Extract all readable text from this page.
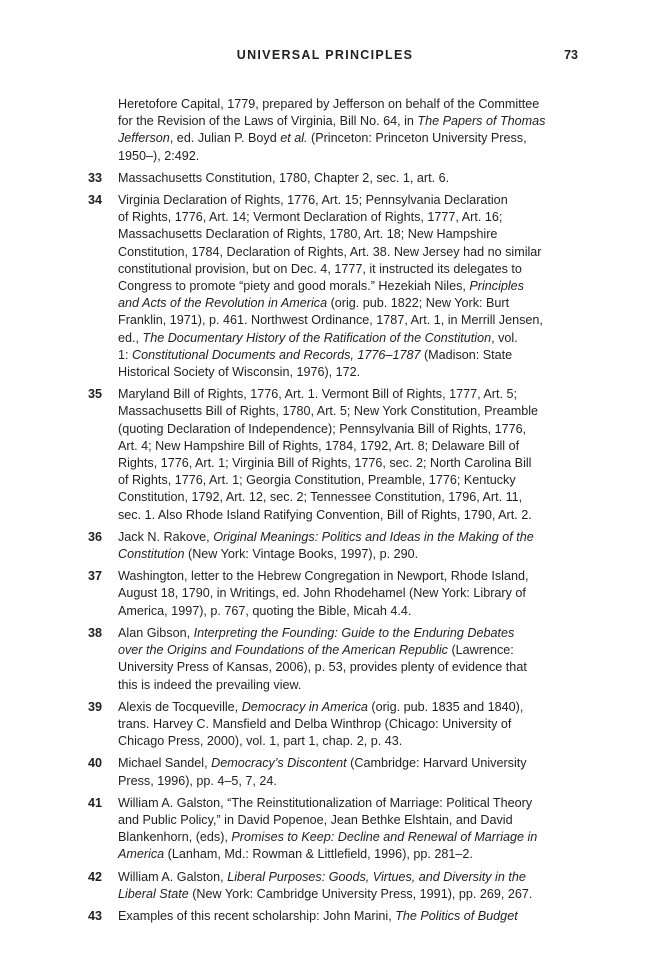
UNIVERSAL PRINCIPLES	73
Heretofore Capital, 1779, prepared by Jefferson on behalf of the Committee
for the Revision of the Laws of Virginia, Bill No. 64, in The Papers of Thomas
Jefferson, ed. Julian P. Boyd et al. (Princeton: Princeton University Press,
1950–), 2:492.
33 Massachusetts Constitution, 1780, Chapter 2, sec. 1, art. 6.
34 Virginia Declaration of Rights, 1776, Art. 15; Pennsylvania Declaration
of Rights, 1776, Art. 14; Vermont Declaration of Rights, 1777, Art. 16;
Massachusetts Declaration of Rights, 1780, Art. 18; New Hampshire
Constitution, 1784, Declaration of Rights, Art. 38. New Jersey had no similar
constitutional provision, but on Dec. 4, 1777, it instructed its delegates to
Congress to promote “piety and good morals.” Hezekiah Niles, Principles
and Acts of the Revolution in America (orig. pub. 1822; New York: Burt
Franklin, 1971), p. 461. Northwest Ordinance, 1787, Art. 1, in Merrill Jensen,
ed., The Documentary History of the Ratification of the Constitution, vol.
1: Constitutional Documents and Records, 1776–1787 (Madison: State
Historical Society of Wisconsin, 1976), 172.
35 Maryland Bill of Rights, 1776, Art. 1. Vermont Bill of Rights, 1777, Art. 5;
Massachusetts Bill of Rights, 1780, Art. 5; New York Constitution, Preamble
(quoting Declaration of Independence); Pennsylvania Bill of Rights, 1776,
Art. 4; New Hampshire Bill of Rights, 1784, 1792, Art. 8; Delaware Bill of
Rights, 1776, Art. 1; Virginia Bill of Rights, 1776, sec. 2; North Carolina Bill
of Rights, 1776, Art. 1; Georgia Constitution, Preamble, 1776; Kentucky
Constitution, 1792, Art. 12, sec. 2; Tennessee Constitution, 1796, Art. 11,
sec. 1. Also Rhode Island Ratifying Convention, Bill of Rights, 1790, Art. 2.
36 Jack N. Rakove, Original Meanings: Politics and Ideas in the Making of the
Constitution (New York: Vintage Books, 1997), p. 290.
37 Washington, letter to the Hebrew Congregation in Newport, Rhode Island,
August 18, 1790, in Writings, ed. John Rhodehamel (New York: Library of
America, 1997), p. 767, quoting the Bible, Micah 4.4.
38 Alan Gibson, Interpreting the Founding: Guide to the Enduring Debates
over the Origins and Foundations of the American Republic (Lawrence:
University Press of Kansas, 2006), p. 53, provides plenty of evidence that
this is indeed the prevailing view.
39 Alexis de Tocqueville, Democracy in America (orig. pub. 1835 and 1840),
trans. Harvey C. Mansfield and Delba Winthrop (Chicago: University of
Chicago Press, 2000), vol. 1, part 1, chap. 2, p. 43.
40 Michael Sandel, Democracy’s Discontent (Cambridge: Harvard University
Press, 1996), pp. 4–5, 7, 24.
41 William A. Galston, “The Reinstitutionalization of Marriage: Political Theory
and Public Policy,” in David Popenoe, Jean Bethke Elshtain, and David
Blankenhorn, (eds), Promises to Keep: Decline and Renewal of Marriage in
America (Lanham, Md.: Rowman & Littlefield, 1996), pp. 281–2.
42 William A. Galston, Liberal Purposes: Goods, Virtues, and Diversity in the
Liberal State (New York: Cambridge University Press, 1991), pp. 269, 267.
43 Examples of this recent scholarship: John Marini, The Politics of Budget
